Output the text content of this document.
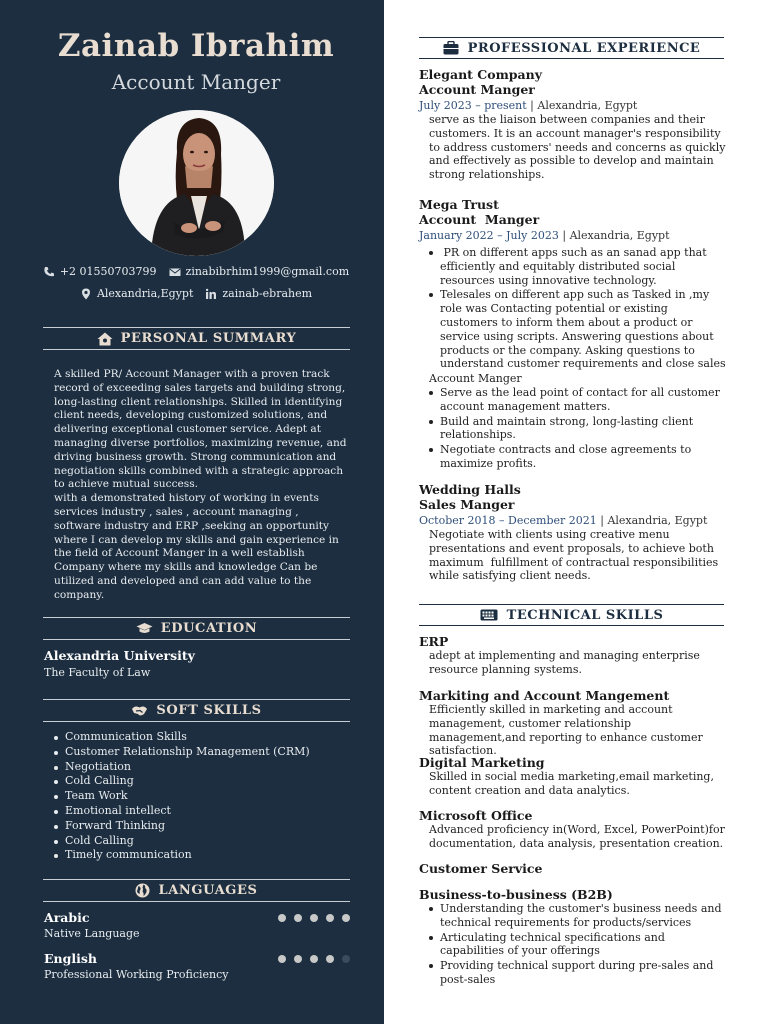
Zainab Ibrahim
Account Manger
+2 01550703799	zinabibrhim1999@gmail.com
Alexandria,Egypt	zainab-ebrahem
PERSONAL SUMMARY
A skilled PR/ Account Manager with a proven track record of exceeding sales targets and building strong, long-lasting client relationships. Skilled in identifying client needs, developing customized solutions, and delivering exceptional customer service. Adept at managing diverse portfolios, maximizing revenue, and driving business growth. Strong communication and negotiation skills combined with a strategic approach to achieve mutual success.
with a demonstrated history of working in events services industry , sales , account managing , software industry and ERP ,seeking an opportunity where I can develop my skills and gain experience in the field of Account Manger in a well establish Company where my skills and knowledge Can be utilized and developed and can add value to the company.
EDUCATION
Alexandria University
The Faculty of Law
SOFT SKILLS
Communication Skills
Customer Relationship Management (CRM)
Negotiation
Cold Calling
Team Work
Emotional intellect
Forward Thinking
Cold Calling
Timely communication
LANGUAGES
Arabic
Native Language
English
Professional Working Proficiency
PROFESSIONAL EXPERIENCE
Elegant Company
Account Manger
July 2023 – present | Alexandria, Egypt
serve as the liaison between companies and their customers. It is an account manager's responsibility to address customers' needs and concerns as quickly and effectively as possible to develop and maintain strong relationships.
Mega Trust
Account  Manger
January 2022 – July 2023 | Alexandria, Egypt
PR on different apps such as an sanad app that efficiently and equitably distributed social resources using innovative technology.
Telesales on different app such as Tasked in ,my role was Contacting potential or existing customers to inform them about a product or service using scripts. Answering questions about products or the company. Asking questions to understand customer requirements and close sales
Account Manger
Serve as the lead point of contact for all customer account management matters.
Build and maintain strong, long-lasting client relationships.
Negotiate contracts and close agreements to maximize profits.
Wedding Halls
Sales Manger
October 2018 – December 2021 | Alexandria, Egypt
Negotiate with clients using creative menu presentations and event proposals, to achieve both maximum  fulfillment of contractual responsibilities while satisfying client needs.
TECHNICAL SKILLS
ERP
adept at implementing and managing enterprise resource planning systems.
Markiting and Account Mangement
Efficiently skilled in marketing and account management, customer relationship management,and reporting to enhance customer satisfaction.
Digital Marketing
Skilled in social media marketing,email marketing, content creation and data analytics.
Microsoft Office
Advanced proficiency in(Word, Excel, PowerPoint)for documentation, data analysis, presentation creation.
Customer Service
Business-to-business (B2B)
Understanding the customer's business needs and technical requirements for products/services
Articulating technical specifications and capabilities of your offerings
Providing technical support during pre-sales and post-sales
